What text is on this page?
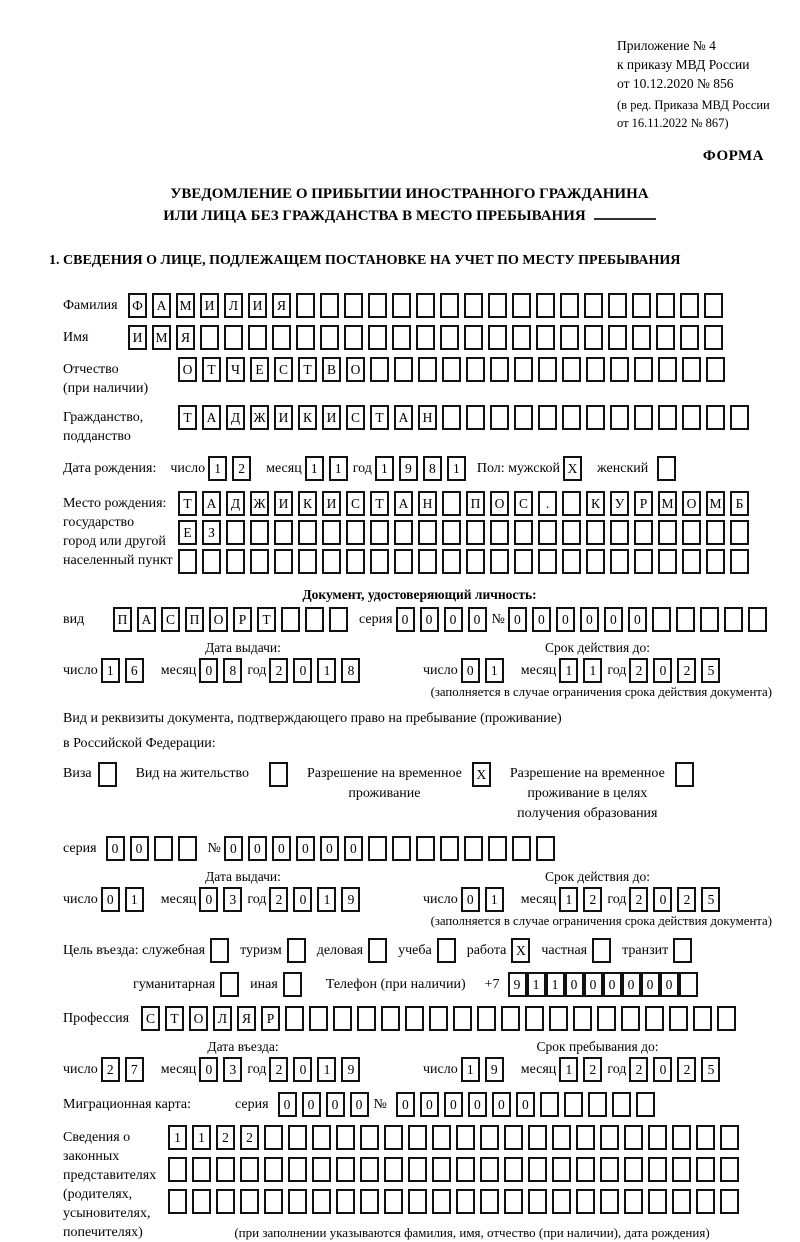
Приложение № 4
к приказу МВД России
от 10.12.2020 № 856
(в ред. Приказа МВД России
от 16.11.2022 № 867)
ФОРМА
УВЕДОМЛЕНИЕ О ПРИБЫТИИ ИНОСТРАННОГО ГРАЖДАНИНА
ИЛИ ЛИЦА БЕЗ ГРАЖДАНСТВА В МЕСТО ПРЕБЫВАНИЯ
1. СВЕДЕНИЯ О ЛИЦЕ, ПОДЛЕЖАЩЕМ ПОСТАНОВКЕ НА УЧЕТ ПО МЕСТУ ПРЕБЫВАНИЯ
Фамилия	Ф	А М И	Л	И	Я
Имя	И М Я
Отчество
(при наличии)
О	Т	Ч	Е	С	Т	В	О
Гражданство,
подданство
Т	А	Д Ж И	К	И	С	Т	А	Н
Дата рождения: число 1	2	месяц 1	1 год 1	9	8	1	Пол: мужской X	женский
Место рождения:
государство
город или другой
населенный пункт
Т	А	Д Ж И	К	И	С	Т	А	Н	П	О	С	.	К	У	Р	М О М	Б

Е	З

Документ, удостоверяющий личность:
вид	П	А	С	П	О	Р	Т	серия 0	0	0	0 № 0	0	0	0	0	0
Дата выдачи:
число 1	6	месяц 0	8 год 2	0	1	8
Срок действия до:
число 0	1	месяц 1	1 год 2	0	2	5
(заполняется в случае ограничения срока действия документа)
Вид и реквизиты документа, подтверждающего право на пребывание (проживание)
в Российской Федерации:
Виза	Вид на жительство	Разрешение на временное
проживание
X	Разрешение на временное
проживание в целях
получения образования
серия	0	0	№ 0	0	0	0	0	0
Дата выдачи:
число 0	1	месяц 0	3 год 2	0	1	9
Срок действия до:
число 0	1	месяц 1	2 год 2	0	2	5
(заполняется в случае ограничения срока действия документа)
Цель въезда: служебная	туризм	деловая	учеба	работа X	частная	транзит
гуманитарная	иная	Телефон (при наличии) +7	9 1 1 0 0 0 0 0 0
Профессия	С	Т	О	Л	Я	Р
Дата въезда:
число 2	7	месяц 0	3 год 2	0	1	9
Срок пребывания до:
число 1	9	месяц 1	2 год 2	0	2	5
Миграционная карта:	серия	0	0	0	0 №	0	0	0	0	0	0
Сведения о
законных
представителях
(родителях,
усыновителях,
попечителях)
1	1	2	2

(при заполнении указываются фамилия, имя, отчество (при наличии), дата рождения)
